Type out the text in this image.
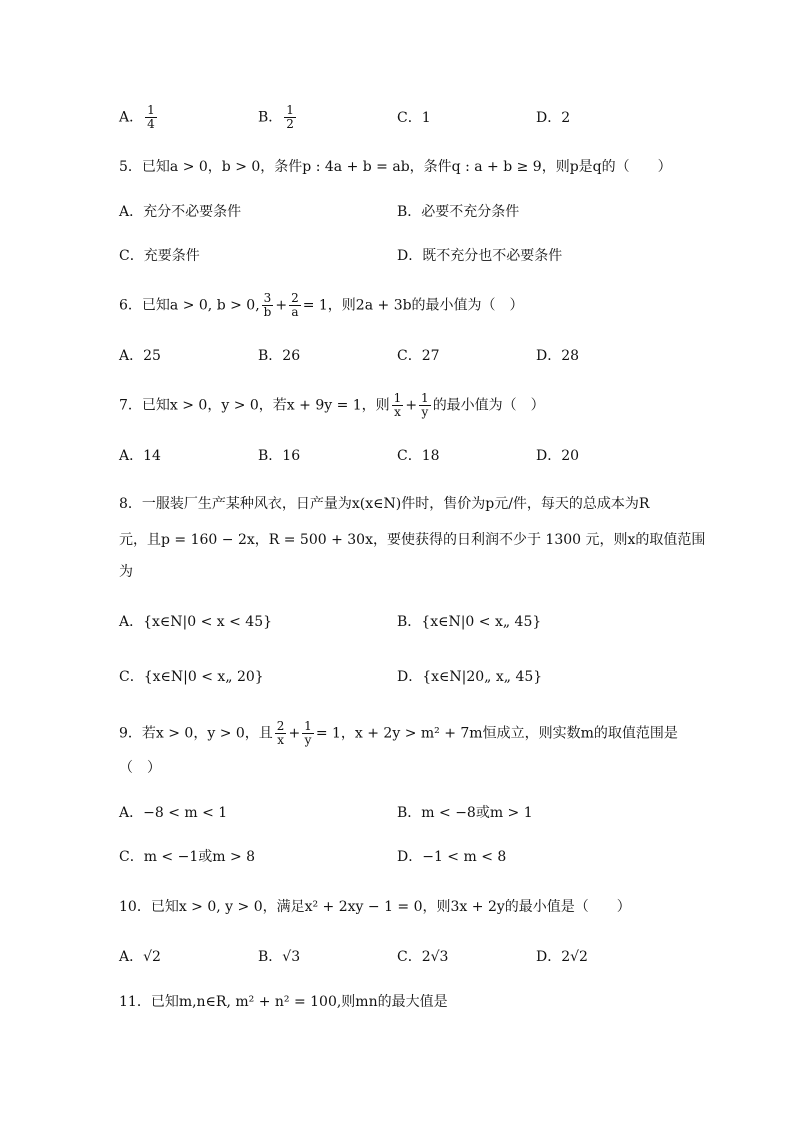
A． $\frac{1}{4}$	B． $\frac{1}{2}$	C．1	D．2
5．已知a > 0，b > 0，条件p : 4a + b = ab，条件q : a + b ≥ 9，则p是q的（　　）
A．充分不必要条件	B．必要不充分条件
C．充要条件	D．既不充分也不必要条件
6．已知a > 0, b > 0, $\frac{3}{b} + \frac{2}{a} = 1$，则2a + 3b的最小值为（　）
A．25	B．26	C．27	D．28
7．已知x > 0，y > 0，若x + 9y = 1，则 $\frac{1}{x} + \frac{1}{y}$ 的最小值为（　）
A．14	B．16	C．18	D．20
8．一服装厂生产某种风衣，日产量为x(x∈N)件时，售价为p元/件，每天的总成本为R
元，且p = 160 − 2x，R = 500 + 30x，要使获得的日利润不少于 1300 元，则x的取值范围
为
A．{x∈N|0 < x < 45}	B．{x∈N|0 < x„ 45}
C．{x∈N|0 < x„ 20}	D．{x∈N|20„ x„ 45}
9．若x > 0，y > 0，且 $\frac{2}{x} + \frac{1}{y} = 1$，x + 2y > m² + 7m恒成立，则实数m的取值范围是
（　）
A．−8 < m < 1	B．m < −8或m > 1
C．m < −1或m > 8	D．−1 < m < 8
10．已知x > 0, y > 0，满足x² + 2xy − 1 = 0，则3x + 2y的最小值是（　　）
A．√2	B．√3	C．2√3	D．2√2
11．已知m,n∈R, m² + n² = 100,则mn的最大值是
